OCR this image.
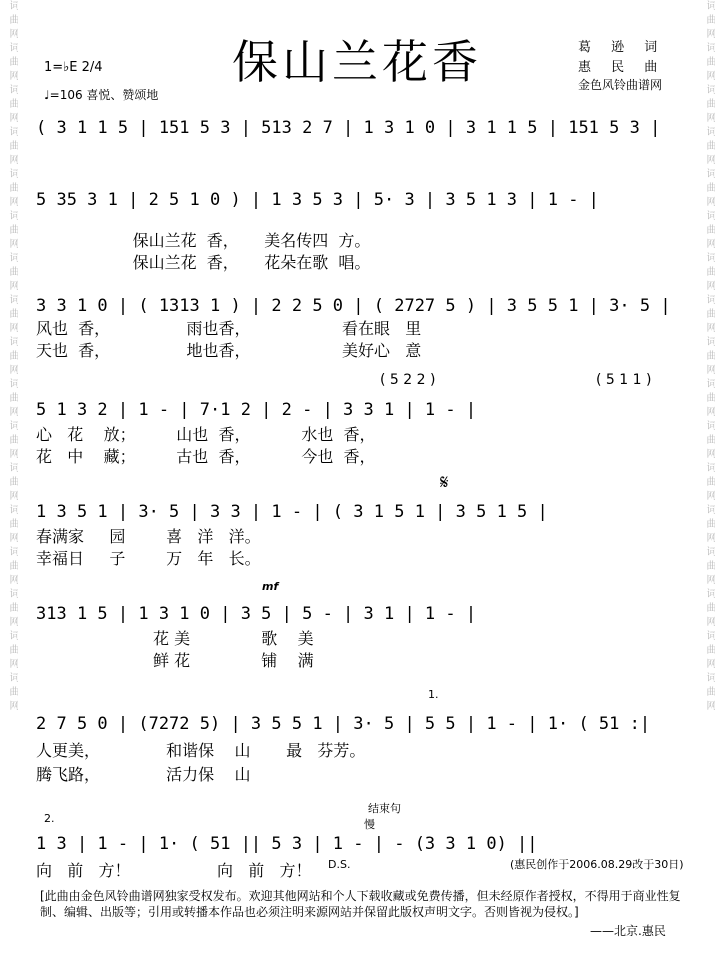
词曲网词曲网词曲网词曲网词曲网词曲网词曲网词曲网词曲网词曲网词曲网词曲网词曲网词曲网词曲网词曲网词曲网	词曲网词曲网词曲网词曲网词曲网词曲网词曲网词曲网词曲网词曲网词曲网词曲网词曲网词曲网词曲网词曲网词曲网
保山兰花香	葛 逊 词
惠 民 曲
金色风铃曲谱网
1=♭E 2/4
♩=106 喜悦、赞颂地
( 3 1 1 5 | 151 5 3 | 513 2 7 | 1 3 1 0 | 3 1 1 5 | 151 5 3 |
5 35 3 1 | 2 5 1 0 ) | 1 3 5 3 | 5· 3 | 3 5 1 3 | 1 - |
保山兰花  香，     美名传四  方。
保山兰花  香，     花朵在歌  唱。
3 3 1 0 | ( 1313 1 ) | 2 2 5 0 | ( 2727 5 ) | 3 5 5 1 | 3· 5 |
风也  香，               雨也香，                  看在眼   里
天也  香，               地也香，                  美好心   意
( 5 2 2 )	( 5 1 1 )
5 1 3 2 | 1 - | 7·1 2 | 2 - | 3 3 1 | 1 - |
心   花    放；        山也  香，          水也  香，
花   中    藏；        古也  香，          今也  香，
𝄋
1 3 5 1 | 3· 5 | 3 3 | 1 - | ( 3 1 5 1 | 3 5 1 5 |
春满家     园        喜   洋   洋。
幸福日     子        万   年   长。
mf
313 1 5 | 1 3 1 0 | 3 5 | 5 - | 3 1 | 1 - |
花 美              歌    美
鲜 花              铺    满
1.
2 7 5 0 | (7272 5) | 3 5 5 1 | 3· 5 | 5 5 | 1 - | 1· ( 51 :|
人更美，             和谐保    山       最   芬芳。
腾飞路，             活力保    山
2.
结束句
慢
1 3 | 1 - | 1· ( 51 || 5 3 | 1 - | - (3 3 1 0) ||
向   前   方！                 向   前   方！ D.S.	(惠民创作于2006.08.29改于30日)
[此曲由金色风铃曲谱网独家受权发布。欢迎其他网站和个人下载收藏或免费传播，但未经原作者授权，不得用于商业性复制、编辑、出版等；引用或转播本作品也必须注明来源网站并保留此版权声明文字。否则皆视为侵权。]
——北京.惠民
